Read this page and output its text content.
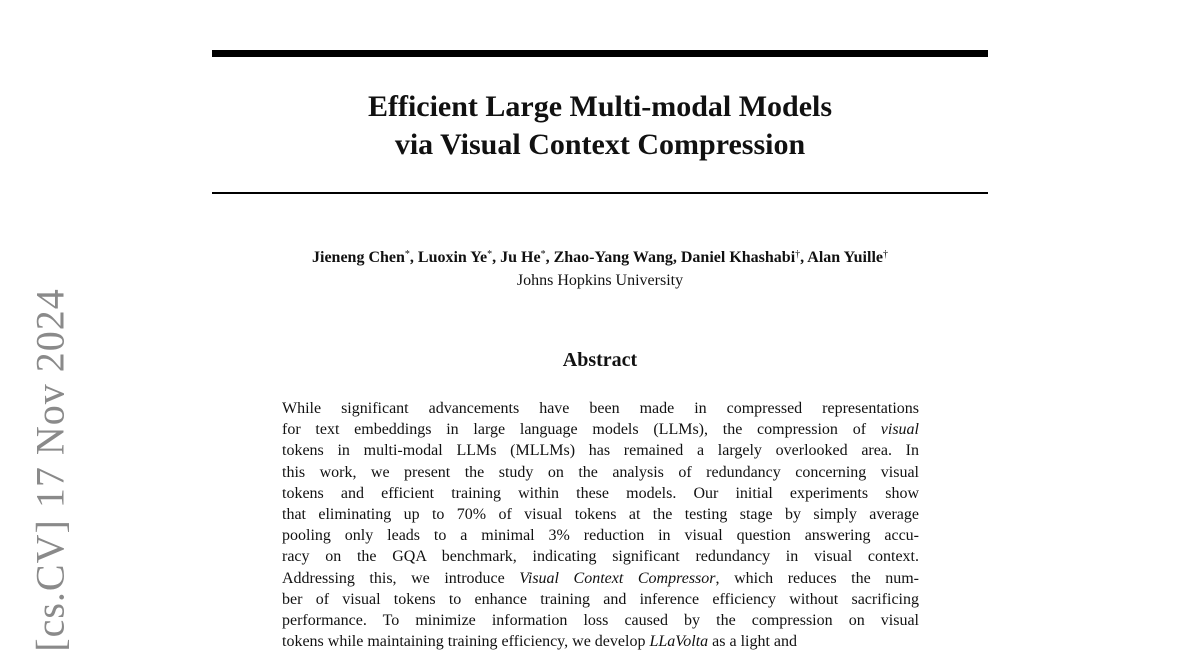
Efficient Large Multi-modal Models
via Visual Context Compression
Jieneng Chen*, Luoxin Ye*, Ju He*, Zhao-Yang Wang, Daniel Khashabi†, Alan Yuille†
Johns Hopkins University
Abstract
While significant advancements have been made in compressed representations
for text embeddings in large language models (LLMs), the compression of visual
tokens in multi-modal LLMs (MLLMs) has remained a largely overlooked area. In
this work, we present the study on the analysis of redundancy concerning visual
tokens and efficient training within these models. Our initial experiments show
that eliminating up to 70% of visual tokens at the testing stage by simply average
pooling only leads to a minimal 3% reduction in visual question answering accu-
racy on the GQA benchmark, indicating significant redundancy in visual context.
Addressing this, we introduce Visual Context Compressor, which reduces the num-
ber of visual tokens to enhance training and inference efficiency without sacrificing
performance. To minimize information loss caused by the compression on visual
tokens while maintaining training efficiency, we develop LLaVolta as a light and
[cs.CV] 17 Nov 2024
